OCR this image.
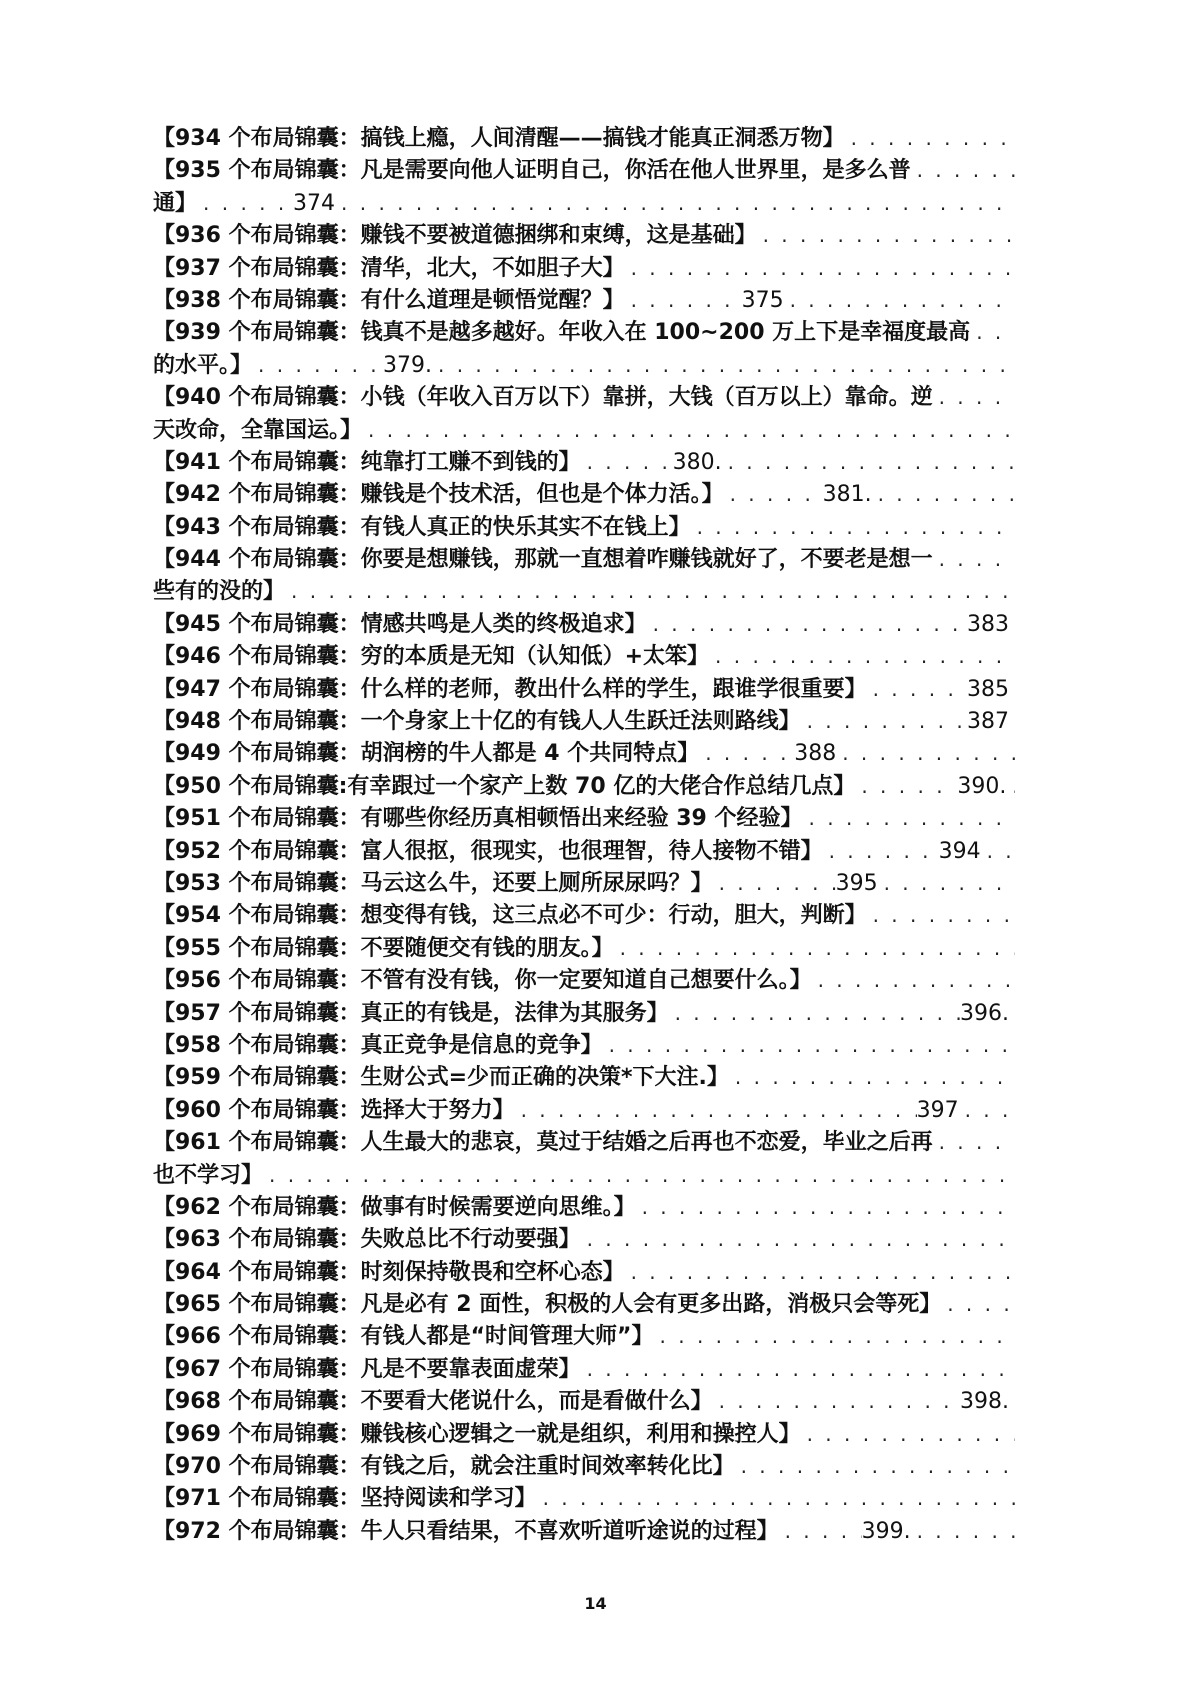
【934 个布局锦囊：搞钱上瘾，人间清醒——搞钱才能真正洞悉万物】
. . .
【935 个布局锦囊：凡是需要向他人证明自己，你活在他人世界里，是多么普
. . .
通】 . . .	374
. . .
【936 个布局锦囊：赚钱不要被道德捆绑和束缚，这是基础】
. . .
【937 个布局锦囊：清华，北大，不如胆子大】
. . .
【938 个布局锦囊：有什么道理是顿悟觉醒？】 . . .	375
. . .
【939 个布局锦囊：钱真不是越多越好。年收入在 100~200 万上下是幸福度最高
. . .
的水平。】 . . .	379.
. . .
【940 个布局锦囊：小钱（年收入百万以下）靠拼，大钱（百万以上）靠命。逆
. . .
天改命，全靠国运。】
. . .
【941 个布局锦囊：纯靠打工赚不到钱的】 . . .	380.
. . .
【942 个布局锦囊：赚钱是个技术活，但也是个体力活。】 . . .	381.
. . .
【943 个布局锦囊：有钱人真正的快乐其实不在钱上】
. . .
【944 个布局锦囊：你要是想赚钱，那就一直想着咋赚钱就好了，不要老是想一
. . .
些有的没的】
. . .
【945 个布局锦囊：情感共鸣是人类的终极追求】 . . .	383
. . .
【946 个布局锦囊：穷的本质是无知（认知低）+太笨】
. . .
【947 个布局锦囊：什么样的老师，教出什么样的学生，跟谁学很重要】 . . .	385
. . .
【948 个布局锦囊：一个身家上十亿的有钱人人生跃迁法则路线】 . . .	387
. . .
【949 个布局锦囊：胡润榜的牛人都是 4 个共同特点】 . . .	388
. . .
【950 个布局锦囊:有幸跟过一个家产上数 70 亿的大佬合作总结几点】 . . .	390.
. . .
【951 个布局锦囊：有哪些你经历真相顿悟出来经验 39 个经验】
. . .
【952 个布局锦囊：富人很抠，很现实，也很理智，待人接物不错】 . . .	394
. . .
【953 个布局锦囊：马云这么牛，还要上厕所尿尿吗？】 . . .	395
. . .
【954 个布局锦囊：想变得有钱，这三点必不可少：行动，胆大，判断】
. . .
【955 个布局锦囊：不要随便交有钱的朋友。】
. . .
【956 个布局锦囊：不管有没有钱，你一定要知道自己想要什么。】
. . .
【957 个布局锦囊：真正的有钱是，法律为其服务】 . . .	396.
. . .
【958 个布局锦囊：真正竞争是信息的竞争】
. . .
【959 个布局锦囊：生财公式=少而正确的决策*下大注.】
. . .
【960 个布局锦囊：选择大于努力】 . . .	397
. . .
【961 个布局锦囊：人生最大的悲哀，莫过于结婚之后再也不恋爱，毕业之后再
. . .
也不学习】
. . .
【962 个布局锦囊：做事有时候需要逆向思维。】
. . .
【963 个布局锦囊：失败总比不行动要强】
. . .
【964 个布局锦囊：时刻保持敬畏和空杯心态】
. . .
【965 个布局锦囊：凡是必有 2 面性，积极的人会有更多出路，消极只会等死】
. . .
【966 个布局锦囊：有钱人都是“时间管理大师”】
. . .
【967 个布局锦囊：凡是不要靠表面虚荣】
. . .
【968 个布局锦囊：不要看大佬说什么，而是看做什么】 . . .	398.
. . .
【969 个布局锦囊：赚钱核心逻辑之一就是组织，利用和操控人】
. . .
【970 个布局锦囊：有钱之后，就会注重时间效率转化比】
. . .
【971 个布局锦囊：坚持阅读和学习】
. . .
【972 个布局锦囊：牛人只看结果，不喜欢听道听途说的过程】 . . .	399.
. . .
14
